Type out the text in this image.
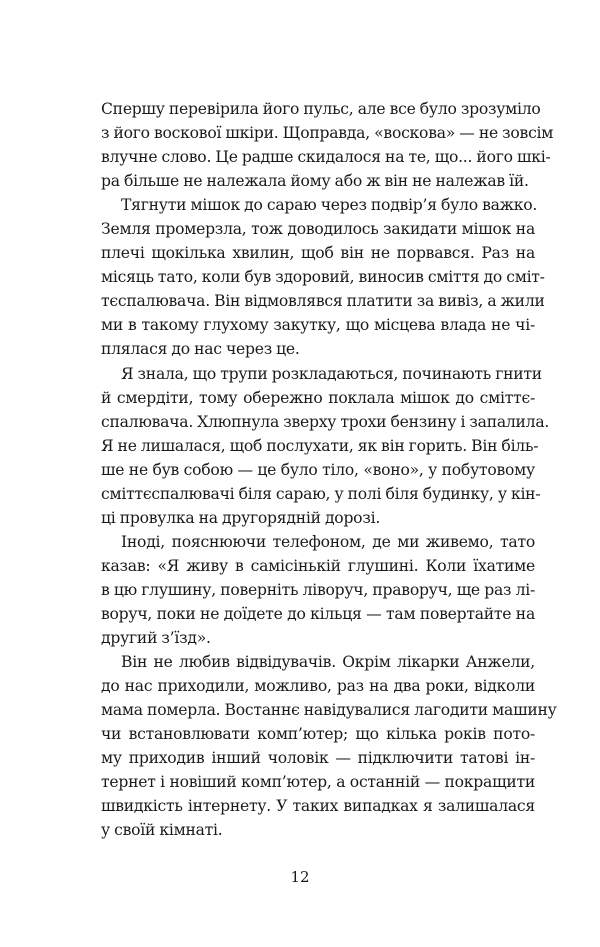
Спершу перевірила його пульс, але все було зрозуміло
з його воскової шкіри. Щоправда, «воскова» — не зовсім
влучне слово. Це радше скидалося на те, що... його шкі-
ра більше не належала йому або ж він не належав їй.
Тягнути мішок до сараю через подвір’я було важко.
Земля промерзла, тож доводилось закидати мішок на
плечі щокілька хвилин, щоб він не порвався. Раз на
місяць тато, коли був здоровий, виносив сміття до сміт-
тєспалювача. Він відмовлявся платити за вивіз, а жили
ми в такому глухому закутку, що місцева влада не чі-
плялася до нас через це.
Я знала, що трупи розкладаються, починають гнити
й смердіти, тому обережно поклала мішок до сміттє-
спалювача. Хлюпнула зверху трохи бензину і запалила.
Я не лишалася, щоб послухати, як він горить. Він біль-
ше не був собою — це було тіло, «воно», у побутовому
сміттєспалювачі біля сараю, у полі біля будинку, у кін-
ці провулка на другорядній дорозі.
Іноді, пояснюючи телефоном, де ми живемо, тато
казав: «Я живу в самісінькій глушині. Коли їхатиме
в цю глушину, поверніть ліворуч, праворуч, ще раз лі-
воруч, поки не доїдете до кільця — там повертайте на
другий з’їзд».
Він не любив відвідувачів. Окрім лікарки Анжели,
до нас приходили, можливо, раз на два роки, відколи
мама померла. Востаннє навідувалися лагодити машину
чи встановлювати комп’ютер; що кілька років пото-
му приходив інший чоловік — підключити татові ін-
тернет і новіший комп’ютер, а останній — покращити
швидкість інтернету. У таких випадках я залишалася
у своїй кімнаті.
12
